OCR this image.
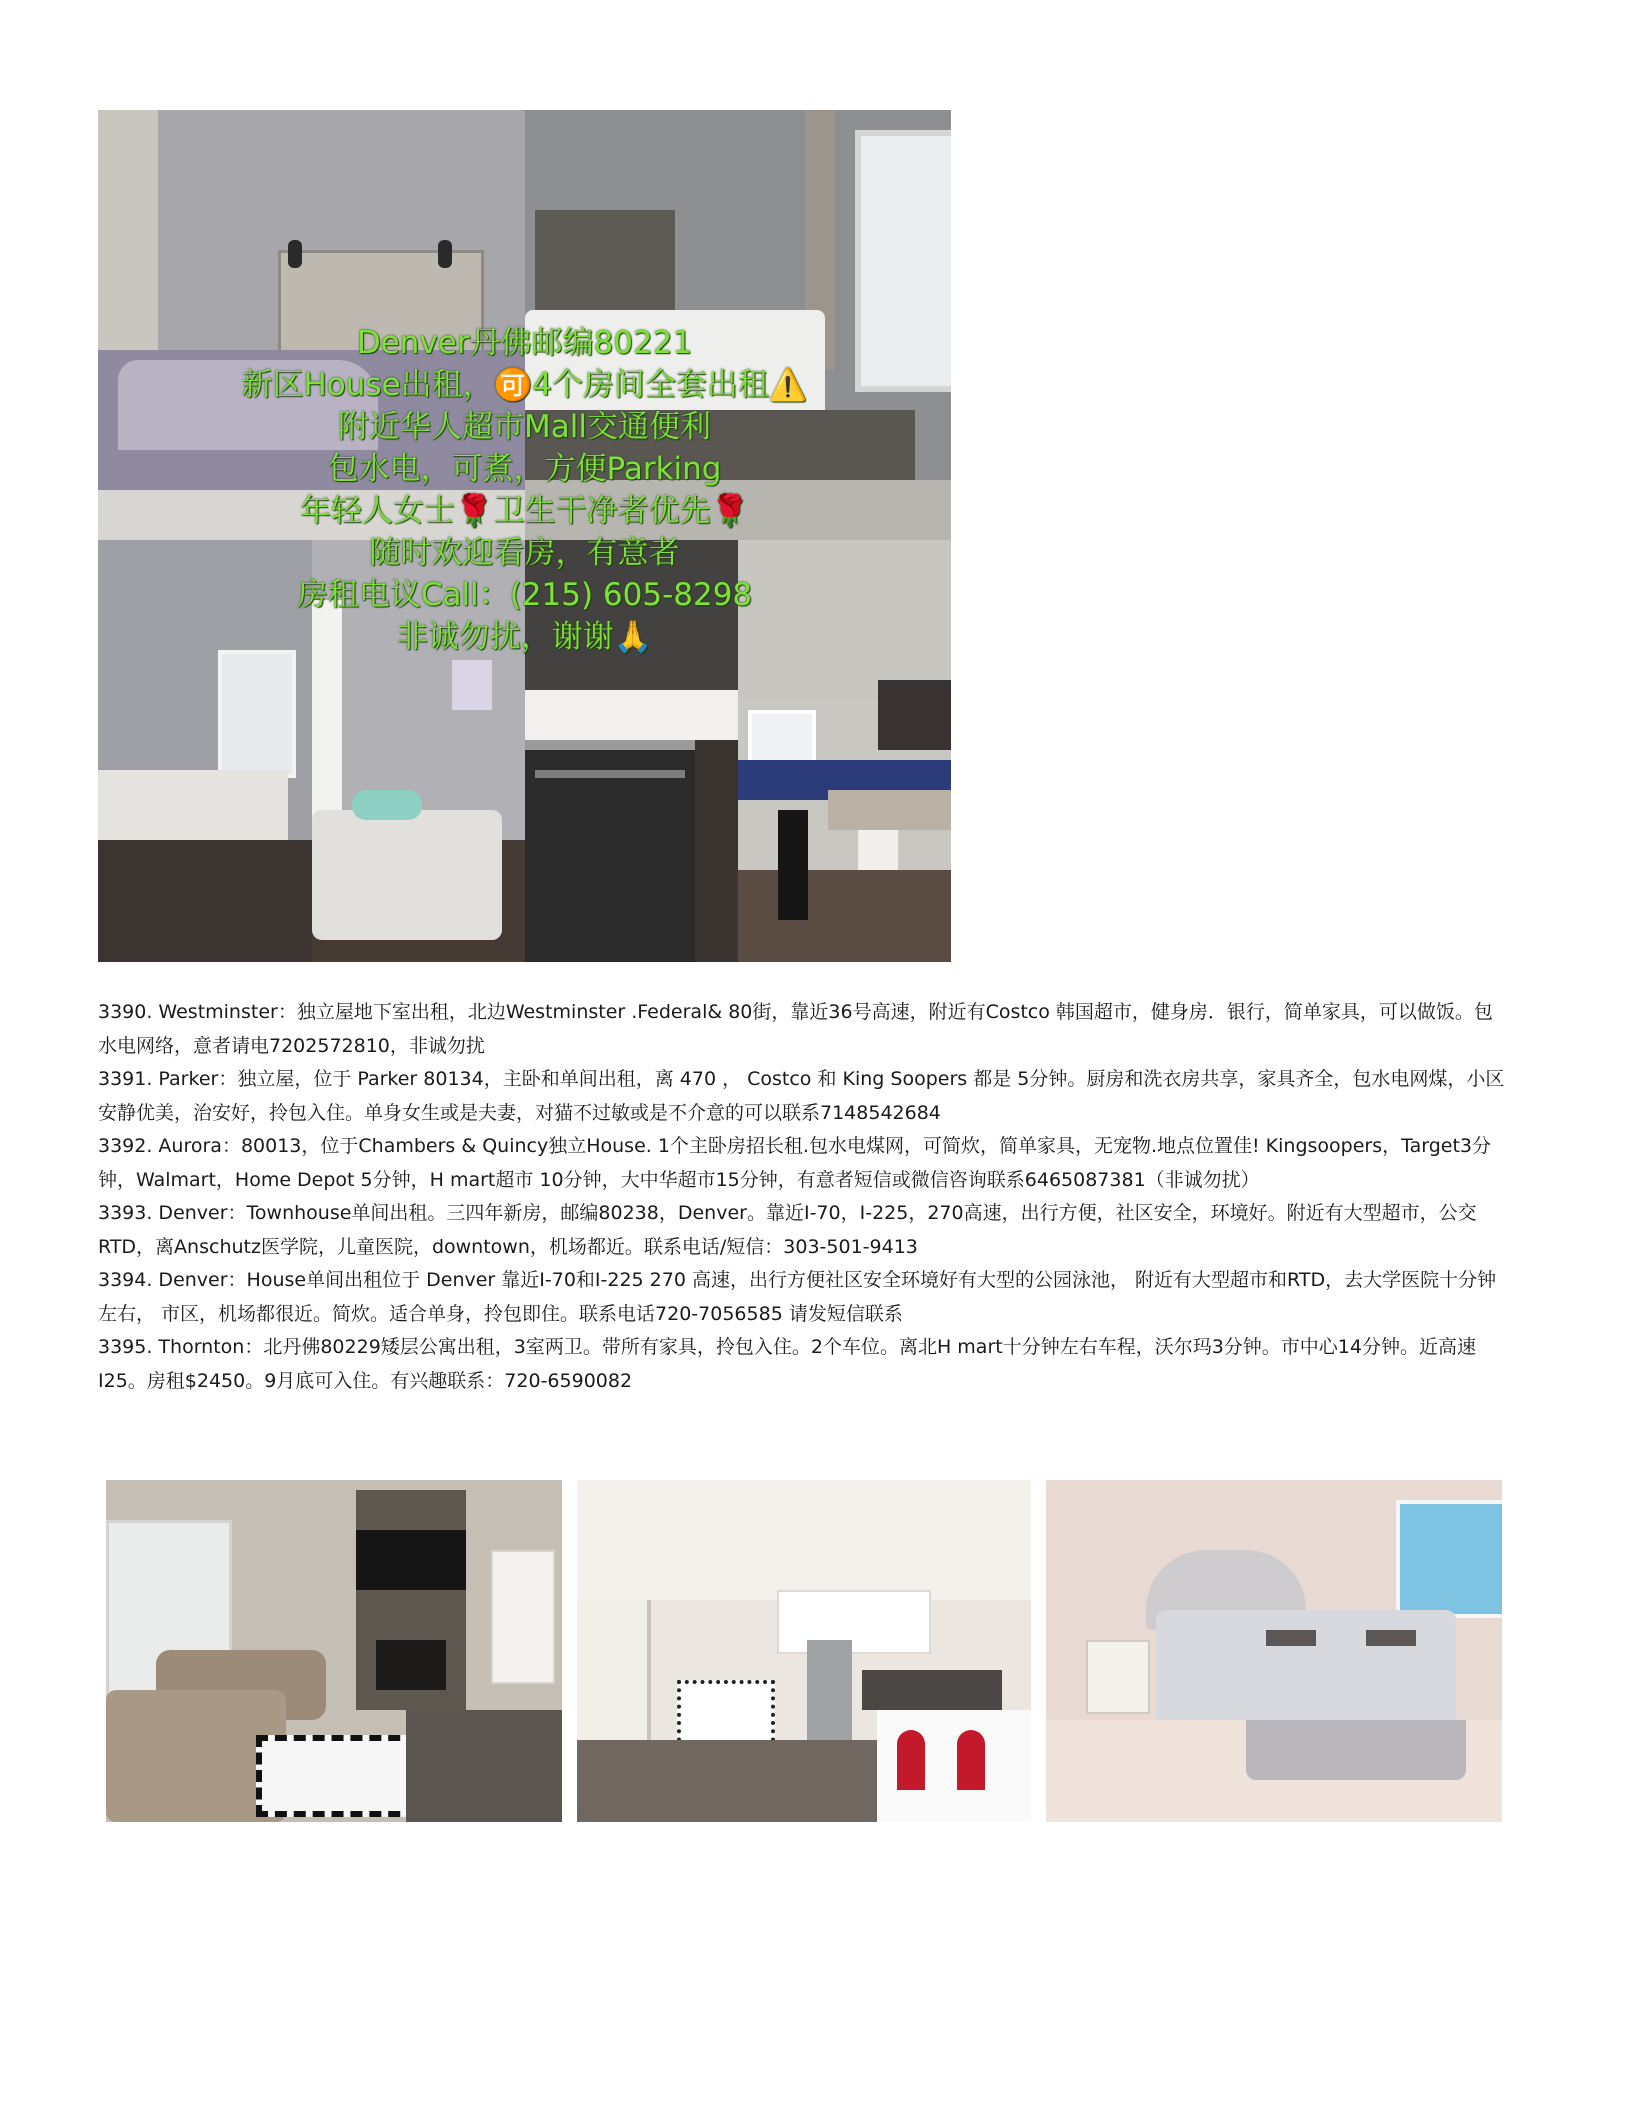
Denver丹佛邮编80221
新区House出租，🉑4个房间全套出租⚠️
附近华人超市Mall交通便利
包水电，可煮，方便Parking
年轻人女士🌹卫生干净者优先🌹
随时欢迎看房，有意者
房租电议Call：(215) 605-8298
非诚勿扰，谢谢🙏

3390. Westminster：独立屋地下室出租，北边Westminster .Federal& 80街，靠近36号高速，附近有Costco 韩国超市，健身房．银行，简单家具，可以做饭。包水电网络，意者请电7202572810，非诚勿扰

3391. Parker：独立屋，位于 Parker 80134，主卧和单间出租，离 470 ， Costco 和 King Soopers 都是 5分钟。厨房和洗衣房共享，家具齐全，包水电网煤，小区安静优美，治安好，拎包入住。单身女生或是夫妻，对猫不过敏或是不介意的可以联系7148542684

3392. Aurora：80013，位于Chambers & Quincy独立House. 1个主卧房招长租.包水电煤网，可简炊，简单家具，无宠物.地点位置佳! Kingsoopers，Target3分钟，Walmart，Home Depot 5分钟，H mart超市 10分钟，大中华超市15分钟，有意者短信或微信咨询联系6465087381（非诚勿扰）

3393. Denver：Townhouse单间出租。三四年新房，邮编80238，Denver。靠近I-70，I-225，270高速，出行方便，社区安全，环境好。附近有大型超市，公交RTD，离Anschutz医学院，儿童医院，downtown，机场都近。联系电话/短信：303-501-9413

3394. Denver：House单间出租位于 Denver 靠近I-70和I-225 270 高速，出行方便社区安全环境好有大型的公园泳池， 附近有大型超市和RTD，去大学医院十分钟左右， 市区，机场都很近。简炊。适合单身，拎包即住。联系电话720-7056585 请发短信联系

3395. Thornton：北丹佛80229矮层公寓出租，3室两卫。带所有家具，拎包入住。2个车位。离北H mart十分钟左右车程，沃尔玛3分钟。市中心14分钟。近高速I25。房租$2450。9月底可入住。有兴趣联系：720-6590082
